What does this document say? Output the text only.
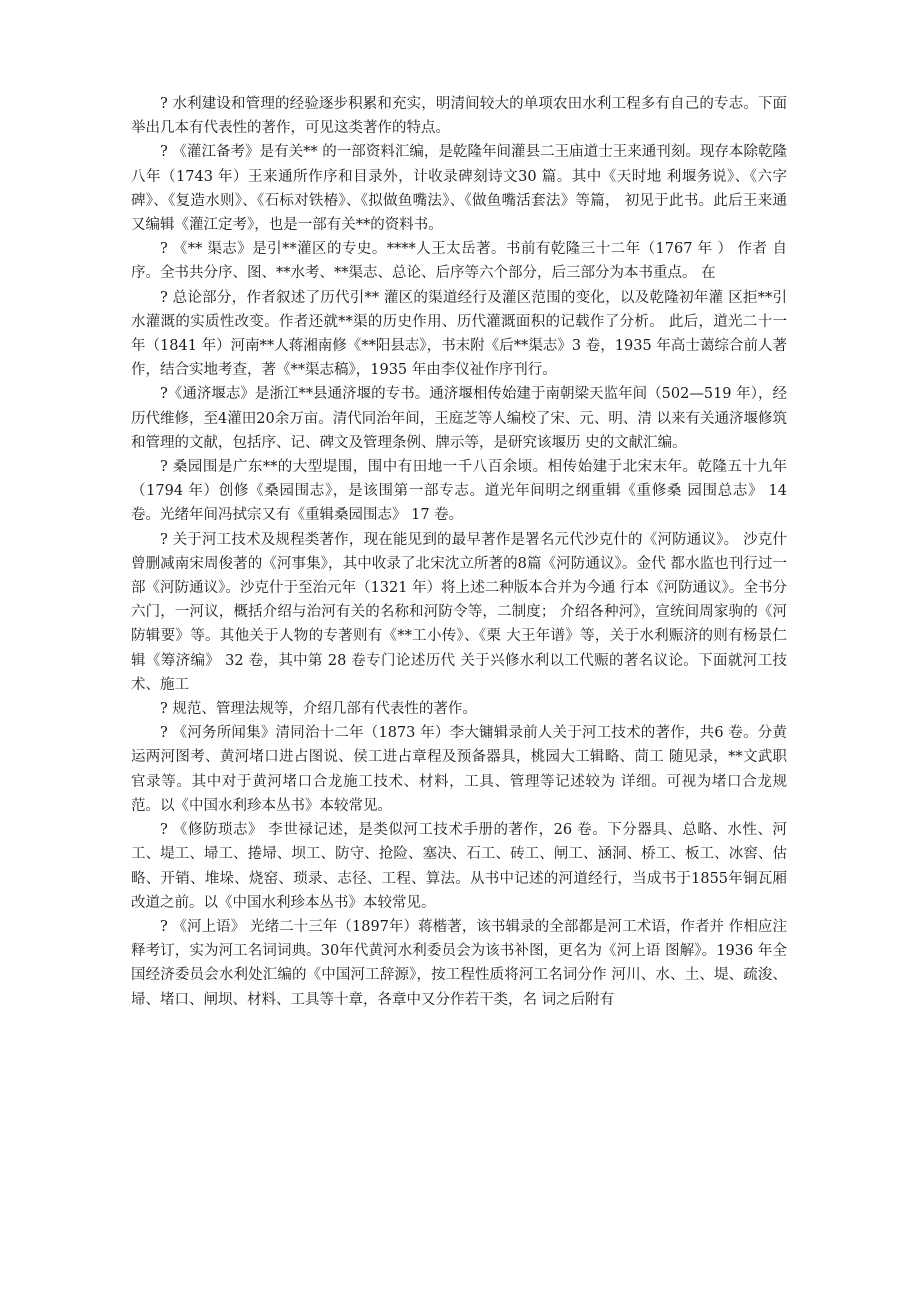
? 水利建设和管理的经验逐步积累和充实，明清间较大的单项农田水利工程多有自己的专志。下面举出几本有代表性的著作，可见这类著作的特点。

? 《灌江备考》是有关** 的一部资料汇编，是乾隆年间灌县二王庙道士王来通刊刻。现存本除乾隆八年（1743 年）王来通所作序和目录外，计收录碑刻诗文30 篇。其中《天时地 利堰务说》、《六字碑》、《复造水则》、《石标对铁椿》、《拟做鱼嘴法》、《做鱼嘴活套法》等篇， 初见于此书。此后王来通又编辑《灌江定考》，也是一部有关**的资料书。

? 《** 渠志》是引**灌区的专史。****人王太岳著。书前有乾隆三十二年（1767 年 ） 作者 自序。全书共分序、图、**水考、**渠志、总论、后序等六个部分，后三部分为本书重点。 在

? 总论部分，作者叙述了历代引** 灌区的渠道经行及灌区范围的变化，以及乾隆初年灌 区拒**引水灌溉的实质性改变。作者还就**渠的历史作用、历代灌溉面积的记载作了分析。 此后，道光二十一年（1841 年）河南**人蒋湘南修《**阳县志》，书末附《后**渠志》3 卷，1935 年高士蔼综合前人著作，结合实地考查，著《**渠志稿》，1935 年由李仪祉作序刊行。

?《通济堰志》是浙江**县通济堰的专书。通济堰相传始建于南朝梁天监年间（502—519 年），经历代维修，至4灌田20余万亩。清代同治年间，王庭芝等人编校了宋、元、明、清 以来有关通济堰修筑和管理的文献，包括序、记、碑文及管理条例、牌示等，是研究该堰历 史的文献汇编。

? 桑园围是广东**的大型堤围，围中有田地一千八百余顷。相传始建于北宋末年。乾隆五十九年（1794 年）创修《桑园围志》，是该围第一部专志。道光年间明之纲重辑《重修桑 园围总志》 14 卷。光绪年间冯拭宗又有《重辑桑园围志》 17 卷。

? 关于河工技术及规程类著作，现在能见到的最早著作是署名元代沙克什的《河防通议》。 沙克什曾删减南宋周俊著的《河事集》，其中收录了北宋沈立所著的8篇《河防通议》。金代 都水监也刊行过一部《河防通议》。沙克什于至治元年（1321 年）将上述二种版本合并为今通 行本《河防通议》。全书分六门，一河议，概括介绍与治河有关的名称和河防令等，二制度； 介绍各种河》，宣统间周家驹的《河防辑要》等。其他关于人物的专著则有《**工小传》、《栗 大王年谱》等，关于水利赈济的则有杨景仁辑《筹济编》 32 卷，其中第 28 卷专门论述历代 关于兴修水利以工代赈的著名议论。下面就河工技术、施工

? 规范、管理法规等，介绍几部有代表性的著作。

? 《河务所闻集》清同治十二年（1873 年）李大镛辑录前人关于河工技术的著作，共6 卷。分黄运两河图考、黄河堵口进占图说、侯工进占章程及预备器具，桃园大工辑略、茼工 随见录，**文武职官录等。其中对于黄河堵口合龙施工技术、材料，工具、管理等记述较为 详细。可视为堵口合龙规范。以《中国水利珍本丛书》本较常见。

? 《修防琐志》 李世禄记述，是类似河工技术手册的著作，26 卷。下分器具、总略、水性、河工、堤工、埽工、捲埽、坝工、防守、抢险、塞决、石工、砖工、闸工、涵洞、桥工、板工、冰窖、估略、开销、堆垛、烧窑、琐录、志径、工程、算法。从书中记述的河道经行，当成书于1855年铜瓦厢改道之前。以《中国水利珍本丛书》本较常见。

? 《河上语》 光绪二十三年（1897年）蒋楷著，该书辑录的全部都是河工术语，作者并 作相应注释考订，实为河工名词词典。30年代黄河水利委员会为该书补图，更名为《河上语 图解》。1936 年全国经济委员会水利处汇编的《中国河工辞源》，按工程性质将河工名词分作 河川、水、土、堤、疏浚、埽、堵口、闸坝、材料、工具等十章，各章中又分作若干类，名 词之后附有
